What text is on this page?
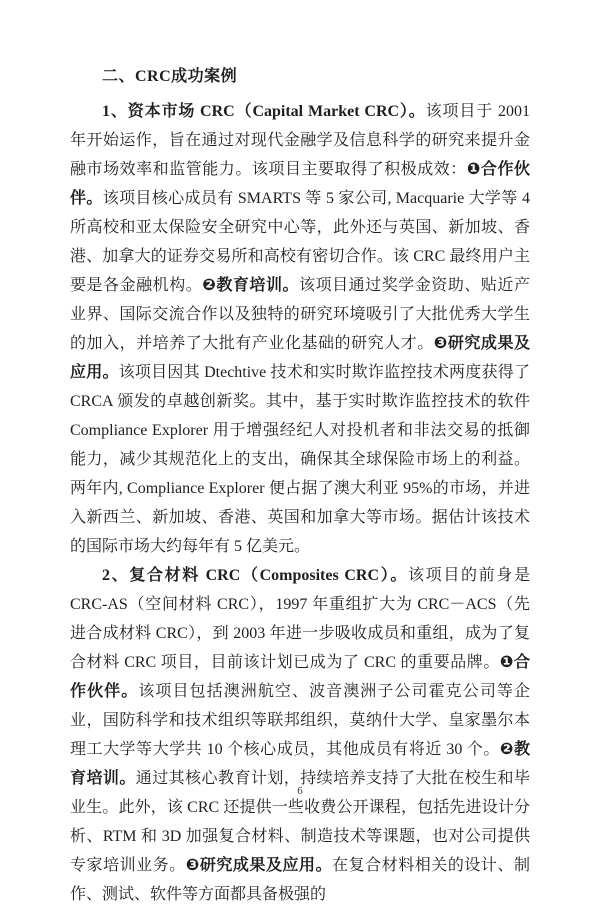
二、CRC成功案例

1、资本市场 CRC（Capital Market CRC）。该项目于 2001 年开始运作，旨在通过对现代金融学及信息科学的研究来提升金融市场效率和监管能力。该项目主要取得了积极成效：❶合作伙伴。该项目核心成员有 SMARTS 等 5 家公司, Macquarie 大学等 4 所高校和亚太保险安全研究中心等，此外还与英国、新加坡、香港、加拿大的证券交易所和高校有密切合作。该 CRC 最终用户主要是各金融机构。❷教育培训。该项目通过奖学金资助、贴近产业界、国际交流合作以及独特的研究环境吸引了大批优秀大学生的加入，并培养了大批有产业化基础的研究人才。❸研究成果及应用。该项目因其 Dtechtive 技术和实时欺诈监控技术两度获得了 CRCA 颁发的卓越创新奖。其中，基于实时欺诈监控技术的软件 Compliance Explorer 用于增强经纪人对投机者和非法交易的抵御能力，减少其规范化上的支出，确保其全球保险市场上的利益。两年内, Compliance Explorer 便占据了澳大利亚 95%的市场，并进入新西兰、新加坡、香港、英国和加拿大等市场。据估计该技术的国际市场大约每年有 5 亿美元。

2、复合材料 CRC（Composites CRC）。该项目的前身是 CRC-AS（空间材料 CRC），1997 年重组扩大为 CRC－ACS（先进合成材料 CRC），到 2003 年进一步吸收成员和重组，成为了复合材料 CRC 项目，目前该计划已成为了 CRC 的重要品牌。❶合作伙伴。该项目包括澳洲航空、波音澳洲子公司霍克公司等企业，国防科学和技术组织等联邦组织，莫纳什大学、皇家墨尔本理工大学等大学共 10 个核心成员，其他成员有将近 30 个。❷教育培训。通过其核心教育计划，持续培养支持了大批在校生和毕业生。此外，该 CRC 还提供一些收费公开课程，包括先进设计分析、RTM 和 3D 加强复合材料、制造技术等课题，也对公司提供专家培训业务。❸研究成果及应用。在复合材料相关的设计、制作、测试、软件等方面都具备极强的

6
